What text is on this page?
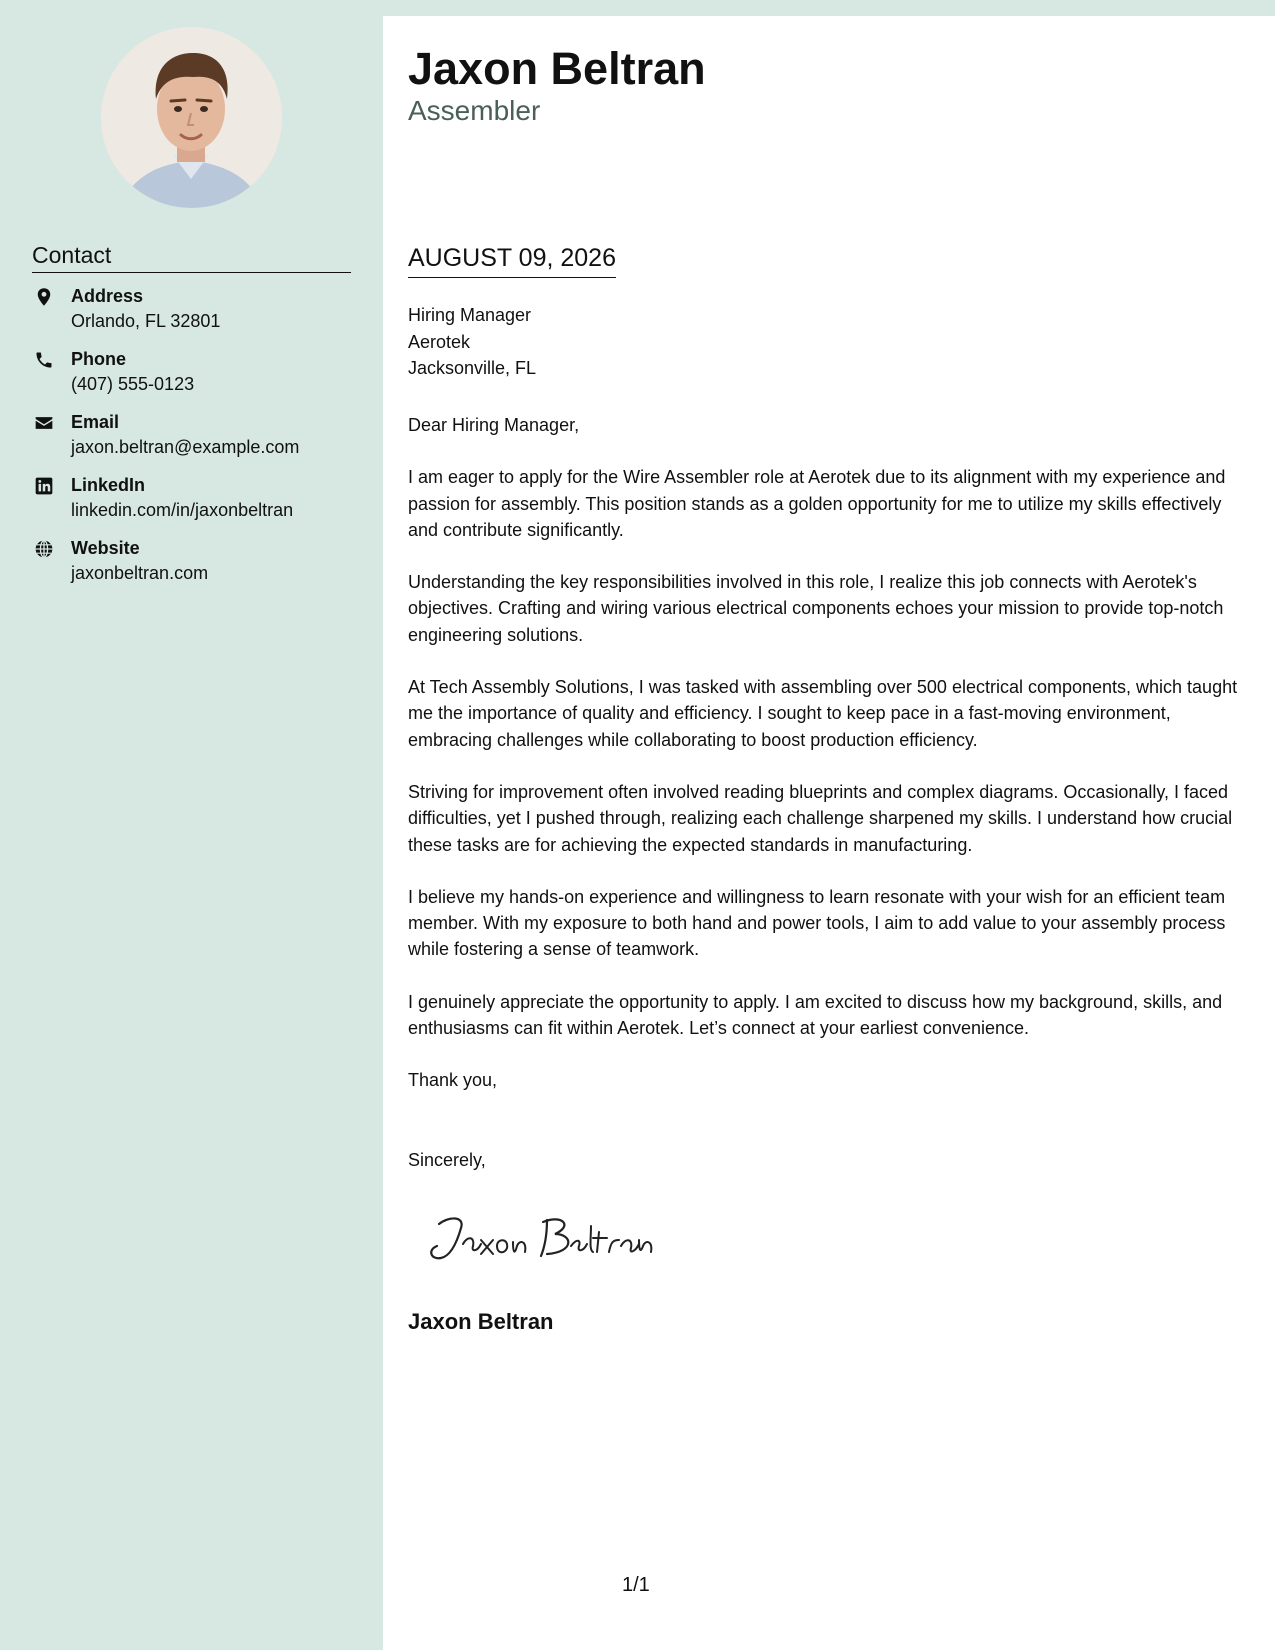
Contact
Address
Orlando, FL 32801
Phone
(407) 555-0123
Email
jaxon.beltran@example.com
LinkedIn
linkedin.com/in/jaxonbeltran
Website
jaxonbeltran.com
Jaxon Beltran
Assembler
AUGUST 09, 2026
Hiring Manager
Aerotek
Jacksonville, FL

Dear Hiring Manager,

I am eager to apply for the Wire Assembler role at Aerotek due to its alignment with my experience and passion for assembly. This position stands as a golden opportunity for me to utilize my skills effectively and contribute significantly.

Understanding the key responsibilities involved in this role, I realize this job connects with Aerotek's objectives. Crafting and wiring various electrical components echoes your mission to provide top-notch engineering solutions.

At Tech Assembly Solutions, I was tasked with assembling over 500 electrical components, which taught me the importance of quality and efficiency. I sought to keep pace in a fast-moving environment, embracing challenges while collaborating to boost production efficiency.

Striving for improvement often involved reading blueprints and complex diagrams. Occasionally, I faced difficulties, yet I pushed through, realizing each challenge sharpened my skills. I understand how crucial these tasks are for achieving the expected standards in manufacturing.

I believe my hands-on experience and willingness to learn resonate with your wish for an efficient team member. With my exposure to both hand and power tools, I aim to add value to your assembly process while fostering a sense of teamwork.

I genuinely appreciate the opportunity to apply. I am excited to discuss how my background, skills, and enthusiasms can fit within Aerotek. Let’s connect at your earliest convenience.

Thank you,

Sincerely,

Jaxon Beltran
1/1
